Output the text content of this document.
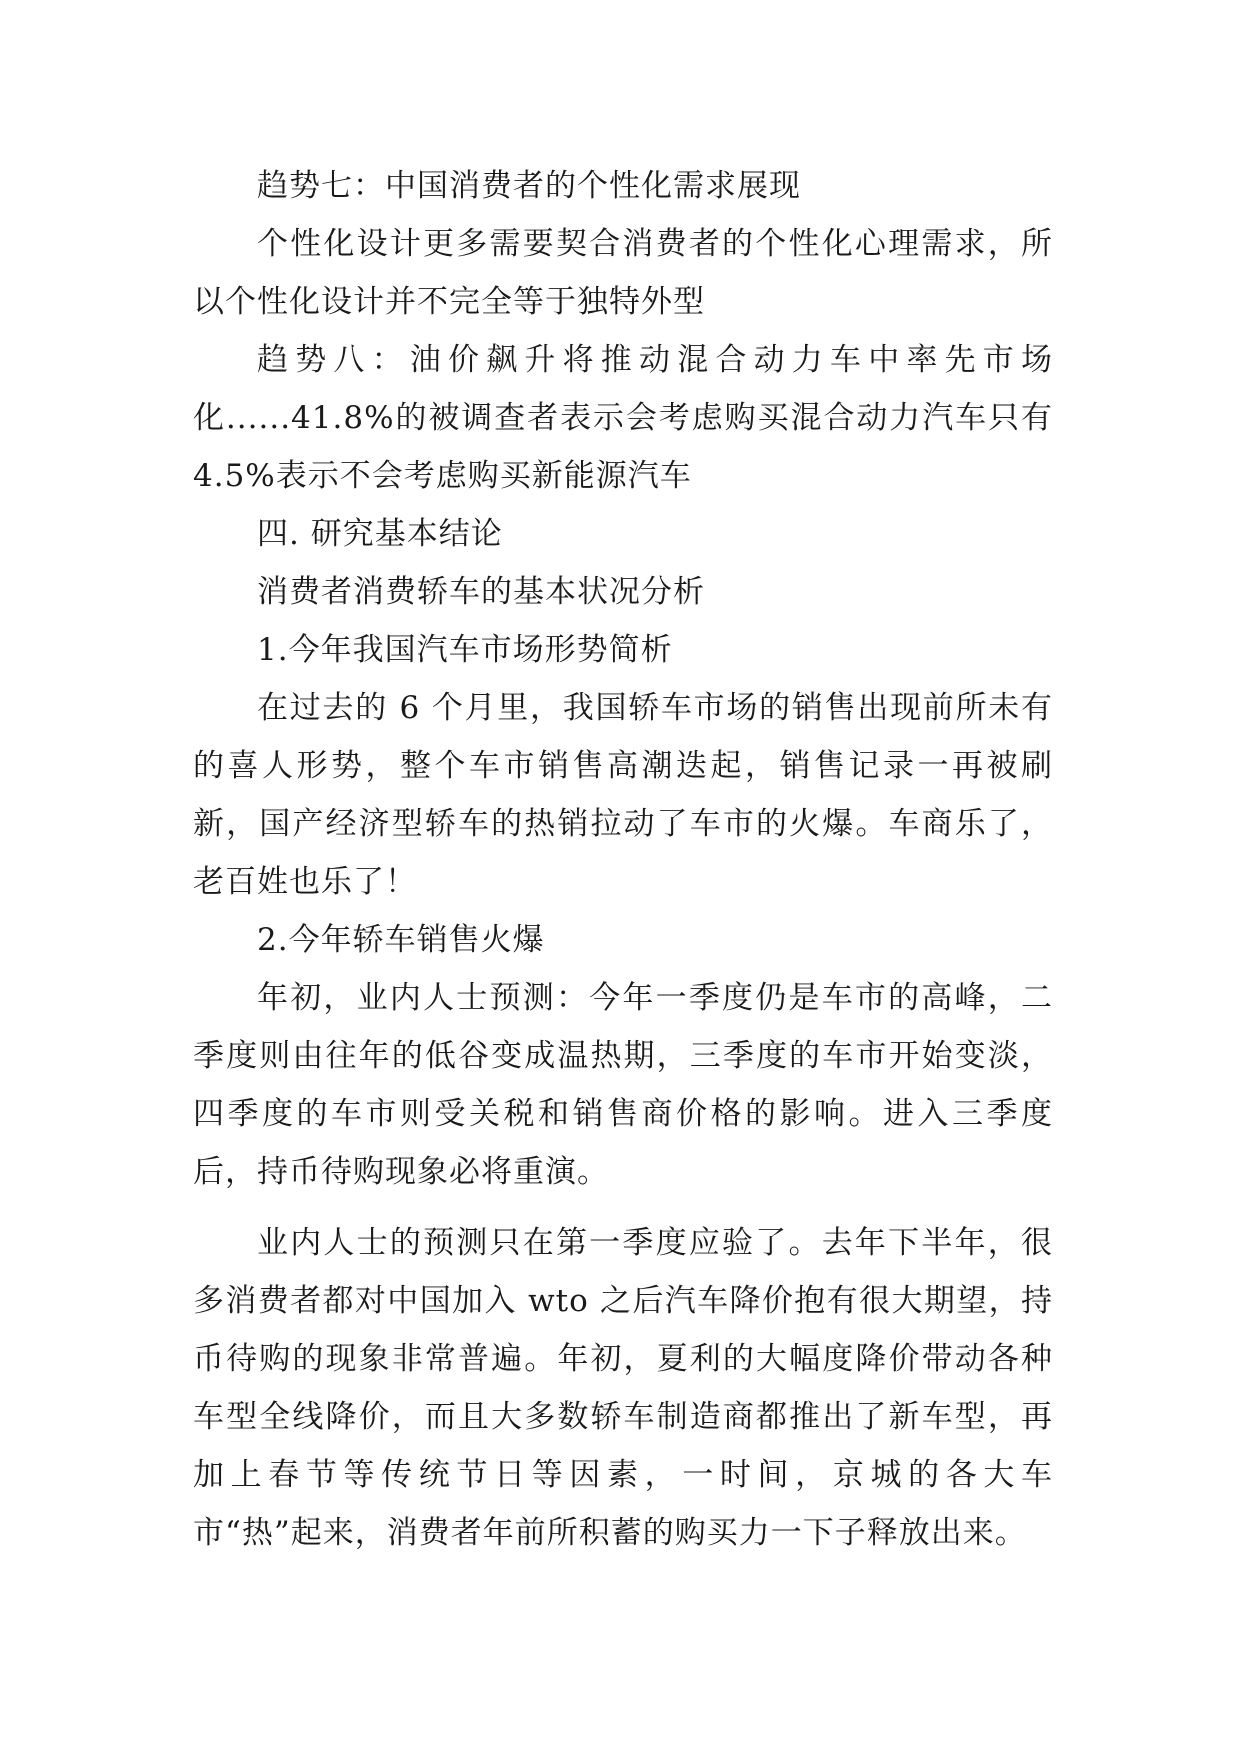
趋势七：中国消费者的个性化需求展现

个性化设计更多需要契合消费者的个性化心理需求，所以个性化设计并不完全等于独特外型

趋势八：油价飙升将推动混合动力车中率先市场化......41.8%的被调查者表示会考虑购买混合动力汽车只有 4.5%表示不会考虑购买新能源汽车

四. 研究基本结论

消费者消费轿车的基本状况分析

1.今年我国汽车市场形势简析

在过去的 6 个月里，我国轿车市场的销售出现前所未有的喜人形势，整个车市销售高潮迭起，销售记录一再被刷新，国产经济型轿车的热销拉动了车市的火爆。车商乐了，老百姓也乐了！

2.今年轿车销售火爆

年初，业内人士预测：今年一季度仍是车市的高峰，二季度则由往年的低谷变成温热期，三季度的车市开始变淡，四季度的车市则受关税和销售商价格的影响。进入三季度后，持币待购现象必将重演。

业内人士的预测只在第一季度应验了。去年下半年，很多消费者都对中国加入 wto 之后汽车降价抱有很大期望，持币待购的现象非常普遍。年初，夏利的大幅度降价带动各种车型全线降价，而且大多数轿车制造商都推出了新车型，再加上春节等传统节日等因素，一时间，京城的各大车市“热”起来，消费者年前所积蓄的购买力一下子释放出来。
